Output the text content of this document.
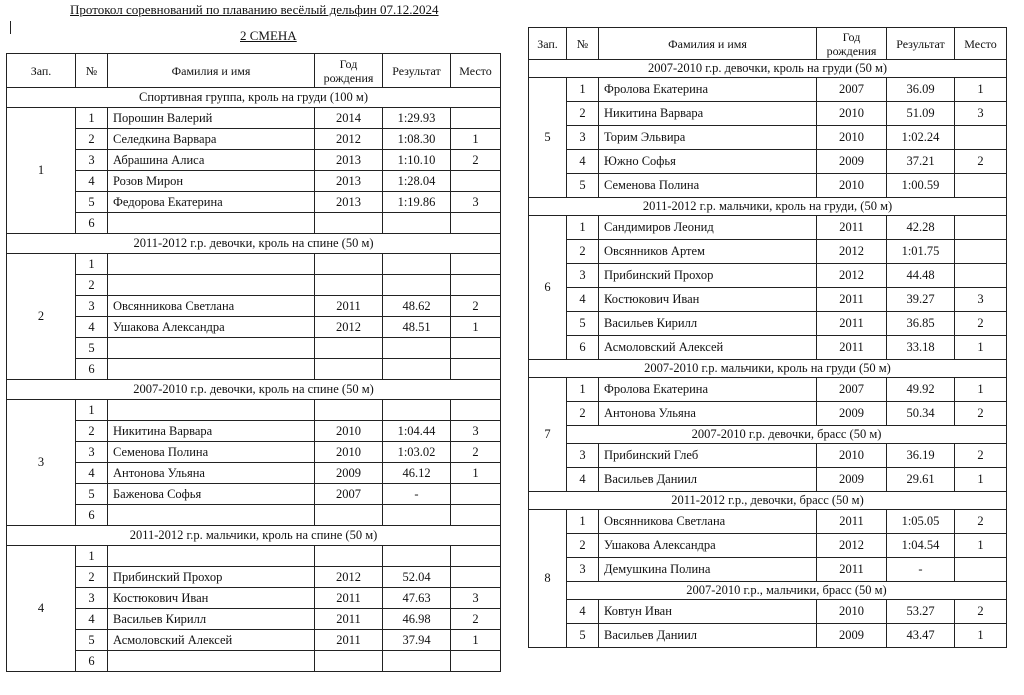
Протокол соревнований по плаванию весёлый дельфин 07.12.2024
2 СМЕНА
Зап.	№	Фамилия и имя	Год рождения	Результат	Место
Спортивная группа, кроль на груди (100 м)					
1	1	Порошин Валерий	2014	1:29.93	
	2	Селедкина Варвара	2012	1:08.30	1
	3	Абрашина Алиса	2013	1:10.10	2
	4	Розов Мирон	2013	1:28.04	
	5	Федорова Екатерина	2013	1:19.86	3
	6				
2011-2012 г.р. девочки, кроль на спине (50 м)					
2	1				
	2				
	3	Овсянникова Светлана	2011	48.62	2
	4	Ушакова Александра	2012	48.51	1
	5				
	6				
2007-2010 г.р. девочки, кроль на спине (50 м)					
3	1				
	2	Никитина Варвара	2010	1:04.44	3
	3	Семенова Полина	2010	1:03.02	2
	4	Антонова Ульяна	2009	46.12	1
	5	Баженова Софья	2007	-	
	6				
2011-2012 г.р. мальчики, кроль на спине (50 м)					
4	1				
	2	Прибинский Прохор	2012	52.04	
	3	Костюкович Иван	2011	47.63	3
	4	Васильев Кирилл	2011	46.98	2
	5	Асмоловский Алексей	2011	37.94	1
	6				
Зап.	№	Фамилия и имя	Год рождения	Результат	Место
2007-2010 г.р. девочки, кроль на груди (50 м)					
5	1	Фролова Екатерина	2007	36.09	1
	2	Никитина Варвара	2010	51.09	3
	3	Торим Эльвира	2010	1:02.24	
	4	Южно Софья	2009	37.21	2
	5	Семенова Полина	2010	1:00.59	
2011-2012 г.р. мальчики, кроль на груди, (50 м)					
6	1	Сандимиров Леонид	2011	42.28	
	2	Овсянников Артем	2012	1:01.75	
	3	Прибинский Прохор	2012	44.48	
	4	Костюкович Иван	2011	39.27	3
	5	Васильев Кирилл	2011	36.85	2
	6	Асмоловский Алексей	2011	33.18	1
2007-2010 г.р. мальчики, кроль на груди (50 м)					
7	1	Фролова Екатерина	2007	49.92	1
	2	Антонова Ульяна	2009	50.34	2
	2007-2010 г.р. девочки, брасс (50 м)				
	3	Прибинский Глеб	2010	36.19	2
	4	Васильев Даниил	2009	29.61	1
2011-2012 г.р., девочки, брасс (50 м)					
8	1	Овсянникова Светлана	2011	1:05.05	2
	2	Ушакова Александра	2012	1:04.54	1
	3	Демушкина Полина	2011	-	
	2007-2010 г.р., мальчики, брасс (50 м)				
	4	Ковтун Иван	2010	53.27	2
	5	Васильев Даниил	2009	43.47	1
